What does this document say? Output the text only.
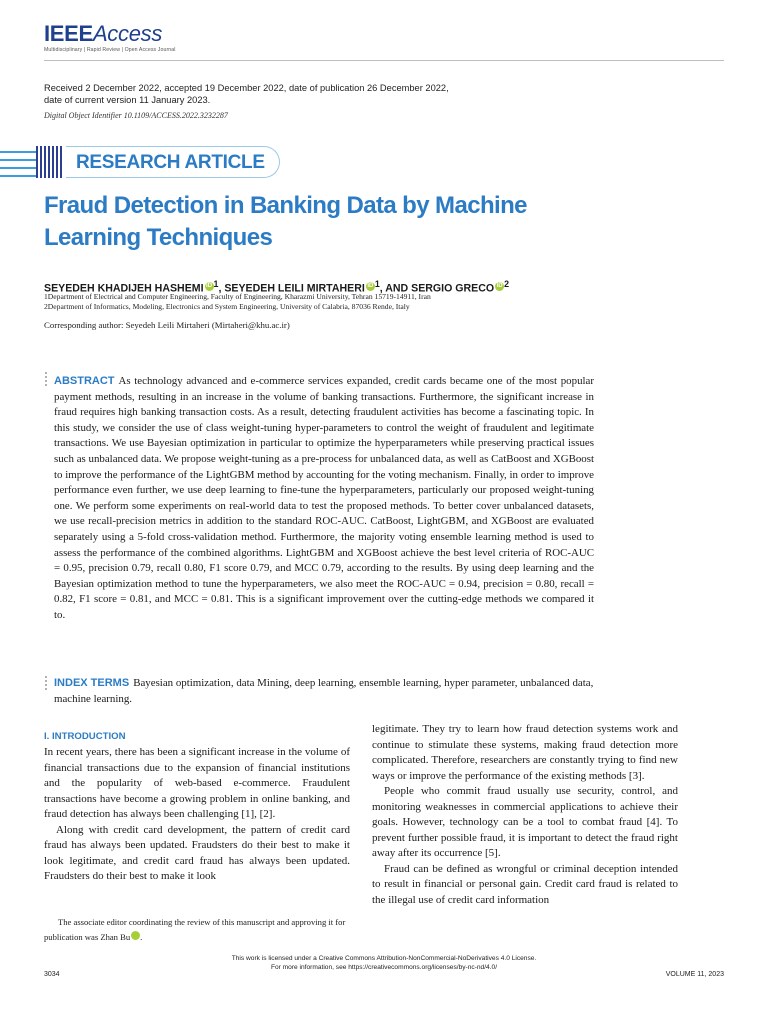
IEEEAccess
Multidisciplinary | Rapid Review | Open Access Journal
Received 2 December 2022, accepted 19 December 2022, date of publication 26 December 2022,
date of current version 11 January 2023.
Digital Object Identifier 10.1109/ACCESS.2022.3232287
RESEARCH ARTICLE
Fraud Detection in Banking Data by Machine Learning Techniques
SEYEDEH KHADIJEH HASHEMI iD $^1$, SEYEDEH LEILI MIRTAHERI iD $^1$, AND SERGIO GRECO iD $^2$
1Department of Electrical and Computer Engineering, Faculty of Engineering, Kharazmi University, Tehran 15719-14911, Iran
2Department of Informatics, Modeling, Electronics and System Engineering, University of Calabria, 87036 Rende, Italy
Corresponding author: Seyedeh Leili Mirtaheri (Mirtaheri@khu.ac.ir)
ABSTRACT As technology advanced and e-commerce services expanded, credit cards became one of the most popular payment methods, resulting in an increase in the volume of banking transactions. Furthermore, the significant increase in fraud requires high banking transaction costs. As a result, detecting fraudulent activities has become a fascinating topic. In this study, we consider the use of class weight-tuning hyper-parameters to control the weight of fraudulent and legitimate transactions. We use Bayesian optimization in particular to optimize the hyperparameters while preserving practical issues such as unbalanced data. We propose weight-tuning as a pre-process for unbalanced data, as well as CatBoost and XGBoost to improve the performance of the LightGBM method by accounting for the voting mechanism. Finally, in order to improve performance even further, we use deep learning to fine-tune the hyperparameters, particularly our proposed weight-tuning one. We perform some experiments on real-world data to test the proposed methods. To better cover unbalanced datasets, we use recall-precision metrics in addition to the standard ROC-AUC. CatBoost, LightGBM, and XGBoost are evaluated separately using a 5-fold cross-validation method. Furthermore, the majority voting ensemble learning method is used to assess the performance of the combined algorithms. LightGBM and XGBoost achieve the best level criteria of ROC-AUC = 0.95, precision 0.79, recall 0.80, F1 score 0.79, and MCC 0.79, according to the results. By using deep learning and the Bayesian optimization method to tune the hyperparameters, we also meet the ROC-AUC = 0.94, precision = 0.80, recall = 0.82, F1 score = 0.81, and MCC = 0.81. This is a significant improvement over the cutting-edge methods we compared it to.
INDEX TERMS Bayesian optimization, data Mining, deep learning, ensemble learning, hyper parameter, unbalanced data, machine learning.
I. INTRODUCTION

In recent years, there has been a significant increase in the volume of financial transactions due to the expansion of financial institutions and the popularity of web-based e-commerce. Fraudulent transactions have become a growing problem in online banking, and fraud detection has always been challenging [1], [2].

Along with credit card development, the pattern of credit card fraud has always been updated. Fraudsters do their best to make it look legitimate, and credit card fraud has always been updated. Fraudsters do their best to make it look

legitimate. They try to learn how fraud detection systems work and continue to stimulate these systems, making fraud detection more complicated. Therefore, researchers are constantly trying to find new ways or improve the performance of the existing methods [3].

People who commit fraud usually use security, control, and monitoring weaknesses in commercial applications to achieve their goals. However, technology can be a tool to combat fraud [4]. To prevent further possible fraud, it is important to detect the fraud right away after its occurrence [5].

Fraud can be defined as wrongful or criminal deception intended to result in financial or personal gain. Credit card fraud is related to the illegal use of credit card information

The associate editor coordinating the review of this manuscript and approving it for publication was Zhan Bu	iD.
This work is licensed under a Creative Commons Attribution-NonCommercial-NoDerivatives 4.0 License.
For more information, see https://creativecommons.org/licenses/by-nc-nd/4.0/
3034	VOLUME 11, 2023
